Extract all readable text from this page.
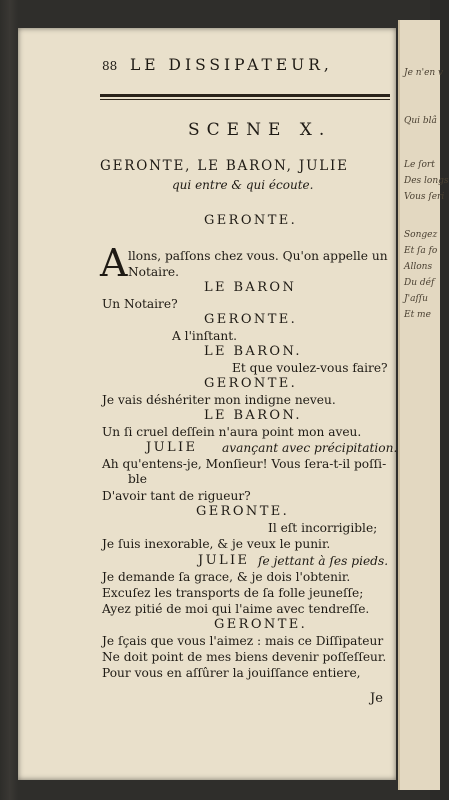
Je n'en v
Qui blâ
Le ſort
Des longs
Vous ſeri
Songez
Et ſa fo
Allons
Du déf
J'aſſu
Et me
88 LE DISSIPATEUR,
SCENE X.
GERONTE, LE BARON, JULIE
qui entre & qui écoute.
A
GERONTE.
llons, paſſons chez vous. Qu'on appelle un
Notaire.
LE BARON
Un Notaire?
GERONTE.
A l'inſtant.
LE BARON.
Et que voulez-vous faire?
GERONTE.
Je vais déshériter mon indigne neveu.
LE BARON.
Un ſi cruel deſſein n'aura point mon aveu.
JULIE avançant avec précipitation.
Ah qu'entens-je, Monſieur! Vous ſera-t-il poſſi-
ble
D'avoir tant de rigueur?
GERONTE.
Il eſt incorrigible;
Je ſuis inexorable, & je veux le punir.
JULIE ſe jettant à ſes pieds.
Je demande ſa grace, & je dois l'obtenir.
Excuſez les transports de ſa folle jeuneſſe;
Ayez pitié de moi qui l'aime avec tendreſſe.
GERONTE.
Je ſçais que vous l'aimez : mais ce Diſſipateur
Ne doit point de mes biens devenir poſſeſſeur.
Pour vous en aſſûrer la jouiſſance entiere,
Je
